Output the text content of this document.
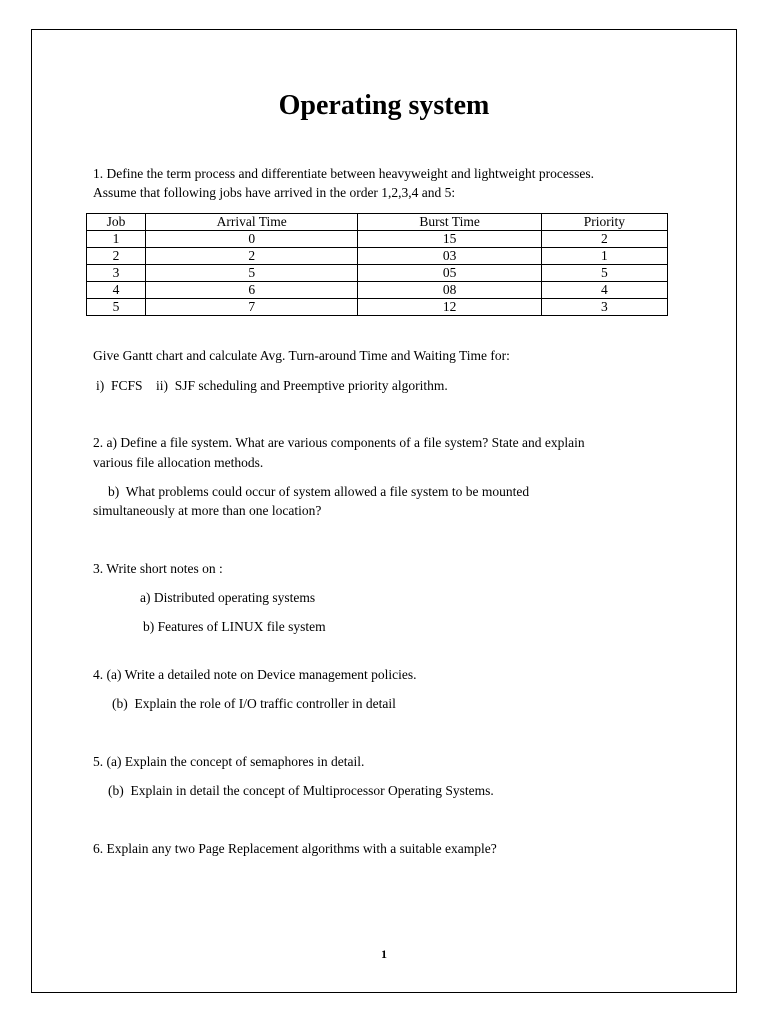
Operating system
1. Define the term process and differentiate between heavyweight and lightweight processes.
Assume that following jobs have arrived in the order 1,2,3,4 and 5:
Job	Arrival Time	Burst Time	Priority
1	0	15	2
2	2	03	1
3	5	05	5
4	6	08	4
5	7	12	3
Give Gantt chart and calculate Avg. Turn-around Time and Waiting Time for:
i)  FCFS    ii)  SJF scheduling and Preemptive priority algorithm.
2. a) Define a file system. What are various components of a file system? State and explain
various file allocation methods.
b)  What problems could occur of system allowed a file system to be mounted
simultaneously at more than one location?
3. Write short notes on :
a) Distributed operating systems
b) Features of LINUX file system
4. (a) Write a detailed note on Device management policies.
(b)  Explain the role of I/O traffic controller in detail
5. (a) Explain the concept of semaphores in detail.
(b)  Explain in detail the concept of Multiprocessor Operating Systems.
6. Explain any two Page Replacement algorithms with a suitable example?
1
